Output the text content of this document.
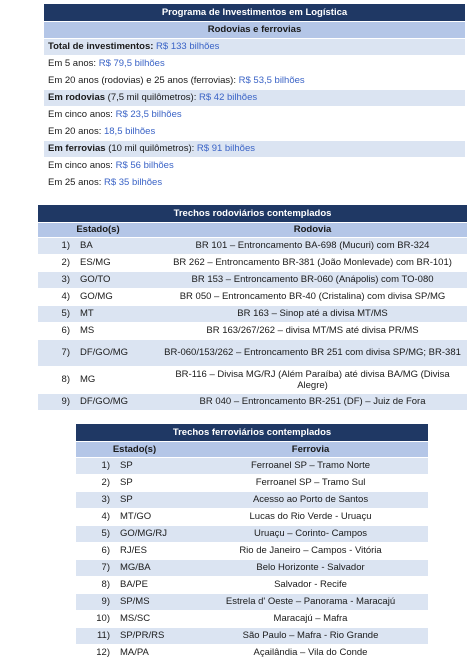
Programa de Investimentos em Logística
Rodovias e ferrovias
Total de investimentos: R$ 133 bilhões
Em 5 anos: R$ 79,5 bilhões
Em 20 anos (rodovias) e 25 anos (ferrovias): R$ 53,5 bilhões
Em rodovias (7,5 mil quilômetros): R$ 42 bilhões
Em cinco anos: R$ 23,5 bilhões
Em 20 anos: 18,5 bilhões
Em ferrovias (10 mil quilômetros): R$ 91 bilhões
Em cinco anos: R$ 56 bilhões
Em 25 anos: R$ 35 bilhões
Trechos rodoviários contemplados		
Estado(s)		Rodovia
1)	BA	BR 101 – Entroncamento BA-698 (Mucuri) com BR-324
2)	ES/MG	BR 262 – Entroncamento BR-381 (João Monlevade) com BR-101)
3)	GO/TO	BR 153 – Entroncamento BR-060 (Anápolis) com TO-080
4)	GO/MG	BR 050 – Entroncamento BR-40 (Cristalina) com divisa SP/MG
5)	MT	BR 163 – Sinop até a divisa MT/MS
6)	MS	BR 163/267/262 – divisa MT/MS até divisa PR/MS
7)	DF/GO/MG	BR-060/153/262 – Entroncamento BR 251 com divisa SP/MG; BR-381
8)	MG	BR-116 – Divisa MG/RJ (Além Paraíba) até divisa BA/MG (Divisa Alegre)
9)	DF/GO/MG	BR 040 – Entroncamento BR-251 (DF) – Juiz de Fora
Trechos ferroviários contemplados		
Estado(s)		Ferrovia
1)	SP	Ferroanel SP – Tramo Norte
2)	SP	Ferroanel SP – Tramo Sul
3)	SP	Acesso ao Porto de Santos
4)	MT/GO	Lucas do Rio Verde - Uruaçu
5)	GO/MG/RJ	Uruaçu – Corinto- Campos
6)	RJ/ES	Rio de Janeiro – Campos - Vitória
7)	MG/BA	Belo Horizonte - Salvador
8)	BA/PE	Salvador - Recife
9)	SP/MS	Estrela d' Oeste – Panorama - Maracajú
10)	MS/SC	Maracajú – Mafra
11)	SP/PR/RS	São Paulo – Mafra - Rio Grande
12)	MA/PA	Açailândia – Vila do Conde
